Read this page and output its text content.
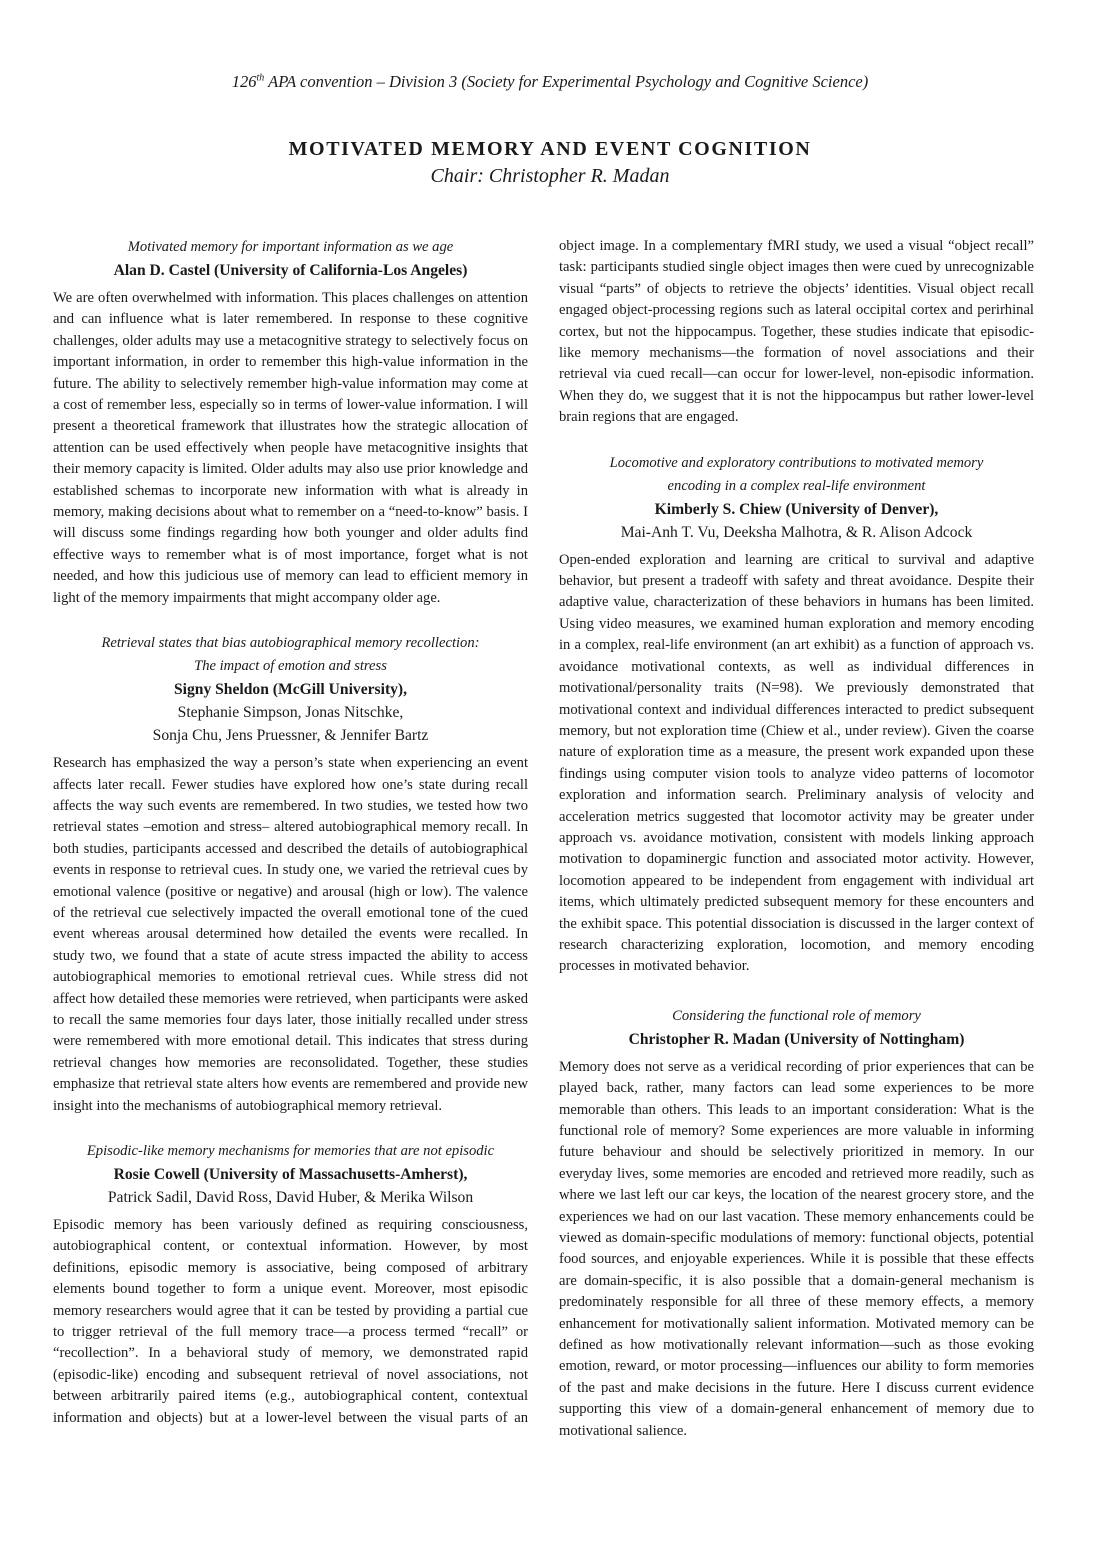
126th APA convention – Division 3 (Society for Experimental Psychology and Cognitive Science)
MOTIVATED MEMORY AND EVENT COGNITION
Chair: Christopher R. Madan
Motivated memory for important information as we age
Alan D. Castel (University of California-Los Angeles)
We are often overwhelmed with information. This places challenges on attention and can influence what is later remembered. In response to these cognitive challenges, older adults may use a metacognitive strategy to selectively focus on important information, in order to remember this high-value information in the future. The ability to selectively remember high-value information may come at a cost of remember less, especially so in terms of lower-value information. I will present a theoretical framework that illustrates how the strategic allocation of attention can be used effectively when people have metacognitive insights that their memory capacity is limited. Older adults may also use prior knowledge and established schemas to incorporate new information with what is already in memory, making decisions about what to remember on a “need-to-know” basis. I will discuss some findings regarding how both younger and older adults find effective ways to remember what is of most importance, forget what is not needed, and how this judicious use of memory can lead to efficient memory in light of the memory impairments that might accompany older age.
Retrieval states that bias autobiographical memory recollection:
The impact of emotion and stress
Signy Sheldon (McGill University),
Stephanie Simpson, Jonas Nitschke,
Sonja Chu, Jens Pruessner, & Jennifer Bartz
Research has emphasized the way a person’s state when experiencing an event affects later recall. Fewer studies have explored how one’s state during recall affects the way such events are remembered. In two studies, we tested how two retrieval states –emotion and stress– altered autobiographical memory recall. In both studies, participants accessed and described the details of autobiographical events in response to retrieval cues. In study one, we varied the retrieval cues by emotional valence (positive or negative) and arousal (high or low). The valence of the retrieval cue selectively impacted the overall emotional tone of the cued event whereas arousal determined how detailed the events were recalled. In study two, we found that a state of acute stress impacted the ability to access autobiographical memories to emotional retrieval cues. While stress did not affect how detailed these memories were retrieved, when participants were asked to recall the same memories four days later, those initially recalled under stress were remembered with more emotional detail. This indicates that stress during retrieval changes how memories are reconsolidated. Together, these studies emphasize that retrieval state alters how events are remembered and provide new insight into the mechanisms of autobiographical memory retrieval.
Episodic-like memory mechanisms for memories that are not episodic
Rosie Cowell (University of Massachusetts-Amherst),
Patrick Sadil, David Ross, David Huber, & Merika Wilson
Episodic memory has been variously defined as requiring consciousness, autobiographical content, or contextual information. However, by most definitions, episodic memory is associative, being composed of arbitrary elements bound together to form a unique event. Moreover, most episodic memory researchers would agree that it can be tested by providing a partial cue to trigger retrieval of the full memory trace—a process termed “recall” or “recollection”. In a behavioral study of memory, we demonstrated rapid (episodic-like) encoding and subsequent retrieval of novel associations, not between arbitrarily paired items (e.g., autobiographical content, contextual information and objects) but at a lower-level between the visual parts of an
object image. In a complementary fMRI study, we used a visual “object recall” task: participants studied single object images then were cued by unrecognizable visual “parts” of objects to retrieve the objects’ identities. Visual object recall engaged object-processing regions such as lateral occipital cortex and perirhinal cortex, but not the hippocampus. Together, these studies indicate that episodic-like memory mechanisms—the formation of novel associations and their retrieval via cued recall—can occur for lower-level, non-episodic information. When they do, we suggest that it is not the hippocampus but rather lower-level brain regions that are engaged.
Locomotive and exploratory contributions to motivated memory
encoding in a complex real-life environment
Kimberly S. Chiew (University of Denver),
Mai-Anh T. Vu, Deeksha Malhotra, & R. Alison Adcock
Open-ended exploration and learning are critical to survival and adaptive behavior, but present a tradeoff with safety and threat avoidance. Despite their adaptive value, characterization of these behaviors in humans has been limited. Using video measures, we examined human exploration and memory encoding in a complex, real-life environment (an art exhibit) as a function of approach vs. avoidance motivational contexts, as well as individual differences in motivational/personality traits (N=98). We previously demonstrated that motivational context and individual differences interacted to predict subsequent memory, but not exploration time (Chiew et al., under review). Given the coarse nature of exploration time as a measure, the present work expanded upon these findings using computer vision tools to analyze video patterns of locomotor exploration and information search. Preliminary analysis of velocity and acceleration metrics suggested that locomotor activity may be greater under approach vs. avoidance motivation, consistent with models linking approach motivation to dopaminergic function and associated motor activity. However, locomotion appeared to be independent from engagement with individual art items, which ultimately predicted subsequent memory for these encounters and the exhibit space. This potential dissociation is discussed in the larger context of research characterizing exploration, locomotion, and memory encoding processes in motivated behavior.
Considering the functional role of memory
Christopher R. Madan (University of Nottingham)
Memory does not serve as a veridical recording of prior experiences that can be played back, rather, many factors can lead some experiences to be more memorable than others. This leads to an important consideration: What is the functional role of memory? Some experiences are more valuable in informing future behaviour and should be selectively prioritized in memory. In our everyday lives, some memories are encoded and retrieved more readily, such as where we last left our car keys, the location of the nearest grocery store, and the experiences we had on our last vacation. These memory enhancements could be viewed as domain-specific modulations of memory: functional objects, potential food sources, and enjoyable experiences. While it is possible that these effects are domain-specific, it is also possible that a domain-general mechanism is predominately responsible for all three of these memory effects, a memory enhancement for motivationally salient information. Motivated memory can be defined as how motivationally relevant information—such as those evoking emotion, reward, or motor processing—influences our ability to form memories of the past and make decisions in the future. Here I discuss current evidence supporting this view of a domain-general enhancement of memory due to motivational salience.
